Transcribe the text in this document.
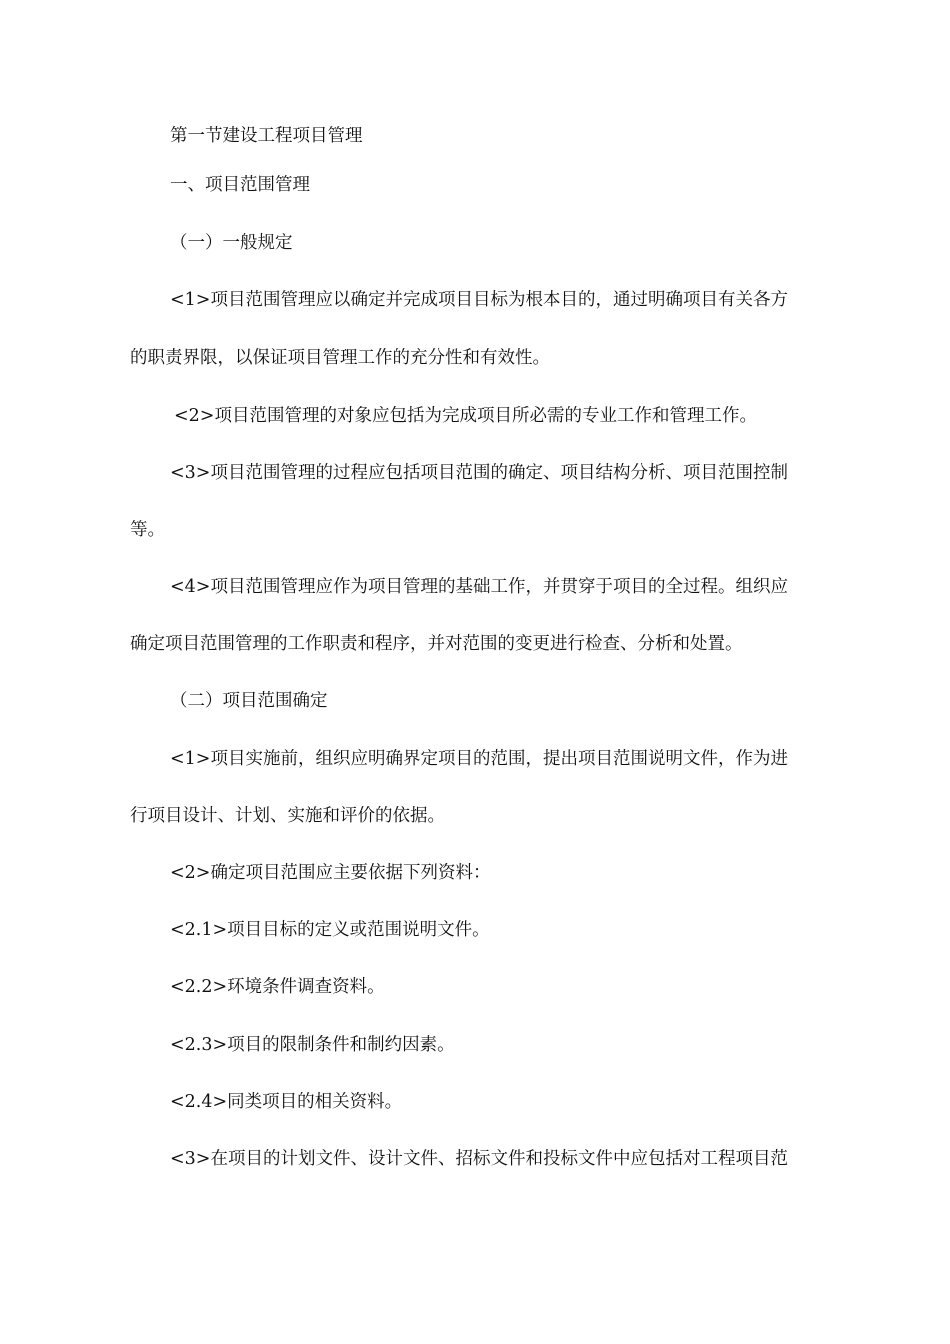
第一节建设工程项目管理
一、项目范围管理
（一）一般规定
<1>项目范围管理应以确定并完成项目目标为根本目的，通过明确项目有关各方
的职责界限，以保证项目管理工作的充分性和有效性。
<2>项目范围管理的对象应包括为完成项目所必需的专业工作和管理工作。
<3>项目范围管理的过程应包括项目范围的确定、项目结构分析、项目范围控制
等。
<4>项目范围管理应作为项目管理的基础工作，并贯穿于项目的全过程。组织应
确定项目范围管理的工作职责和程序，并对范围的变更进行检查、分析和处置。
（二）项目范围确定
<1>项目实施前，组织应明确界定项目的范围，提出项目范围说明文件，作为进
行项目设计、计划、实施和评价的依据。
<2>确定项目范围应主要依据下列资料：
<2.1>项目目标的定义或范围说明文件。
<2.2>环境条件调查资料。
<2.3>项目的限制条件和制约因素。
<2.4>同类项目的相关资料。
<3>在项目的计划文件、设计文件、招标文件和投标文件中应包括对工程项目范
